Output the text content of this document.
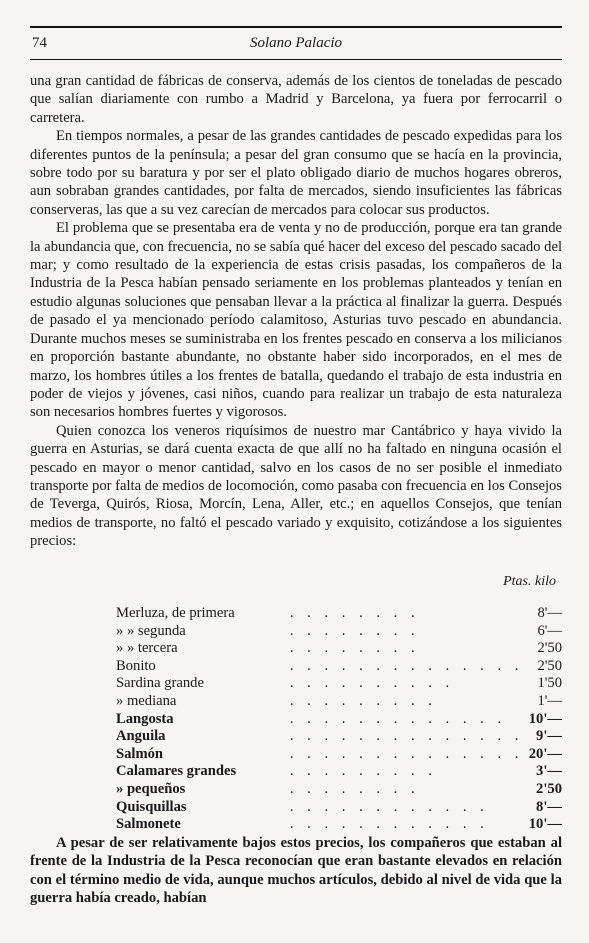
74	Solano Palacio

una gran cantidad de fábricas de conserva, además de los cientos de toneladas de pescado que salían diariamente con rumbo a Madrid y Barcelona, ya fuera por ferrocarril o carretera.

En tiempos normales, a pesar de las grandes cantidades de pescado expedidas para los diferentes puntos de la península; a pesar del gran consumo que se hacía en la provincia, sobre todo por su baratura y por ser el plato obligado diario de muchos hogares obreros, aun sobraban grandes cantidades, por falta de mercados, siendo insuficientes las fábricas conserveras, las que a su vez carecían de mercados para colocar sus productos.

El problema que se presentaba era de venta y no de producción, porque era tan grande la abundancia que, con frecuencia, no se sabía qué hacer del exceso del pescado sacado del mar; y como resultado de la experiencia de estas crisis pasadas, los compañeros de la Industria de la Pesca habían pensado seriamente en los problemas planteados y tenían en estudio algunas soluciones que pensaban llevar a la práctica al finalizar la guerra. Después de pasado el ya mencionado período calamitoso, Asturias tuvo pescado en abundancia. Durante muchos meses se suministraba en los frentes pescado en conserva a los milicianos en proporción bastante abundante, no obstante haber sido incorporados, en el mes de marzo, los hombres útiles a los frentes de batalla, quedando el trabajo de esta industria en poder de viejos y jóvenes, casi niños, cuando para realizar un trabajo de esta naturaleza son necesarios hombres fuertes y vigorosos.

Quien conozca los veneros riquísimos de nuestro mar Cantábrico y haya vivido la guerra en Asturias, se dará cuenta exacta de que allí no ha faltado en ninguna ocasión el pescado en mayor o menor cantidad, salvo en los casos de no ser posible el inmediato transporte por falta de medios de locomoción, como pasaba con frecuencia en los Consejos de Teverga, Quirós, Riosa, Morcín, Lena, Aller, etc.; en aquellos Consejos, que tenían medios de transporte, no faltó el pescado variado y exquisito, cotizándose a los siguientes precios:

Ptas. kilo
Merluza, de primera	. . . . . . . .	8'—
» » segunda	. . . . . . . .	6'—
» » tercera	. . . . . . . .	2'50
Bonito	. . . . . . . . . . . . . .	2'50
Sardina grande	. . . . . . . . . .	1'50
» mediana	. . . . . . . . .	1'—
Langosta	. . . . . . . . . . . . .	10'—
Anguila	. . . . . . . . . . . . . .	9'—
Salmón	. . . . . . . . . . . . . .	20'—
Calamares grandes	. . . . . . . . .	3'—
» pequeños	. . . . . . . .	2'50
Quisquillas	. . . . . . . . . . . .	8'—
Salmonete	. . . . . . . . . . . .	10'—

A pesar de ser relativamente bajos estos precios, los compañeros que estaban al frente de la Industria de la Pesca reconocían que eran bastante elevados en relación con el término medio de vida, aunque muchos artículos, debido al nivel de vida que la guerra había creado, habían
